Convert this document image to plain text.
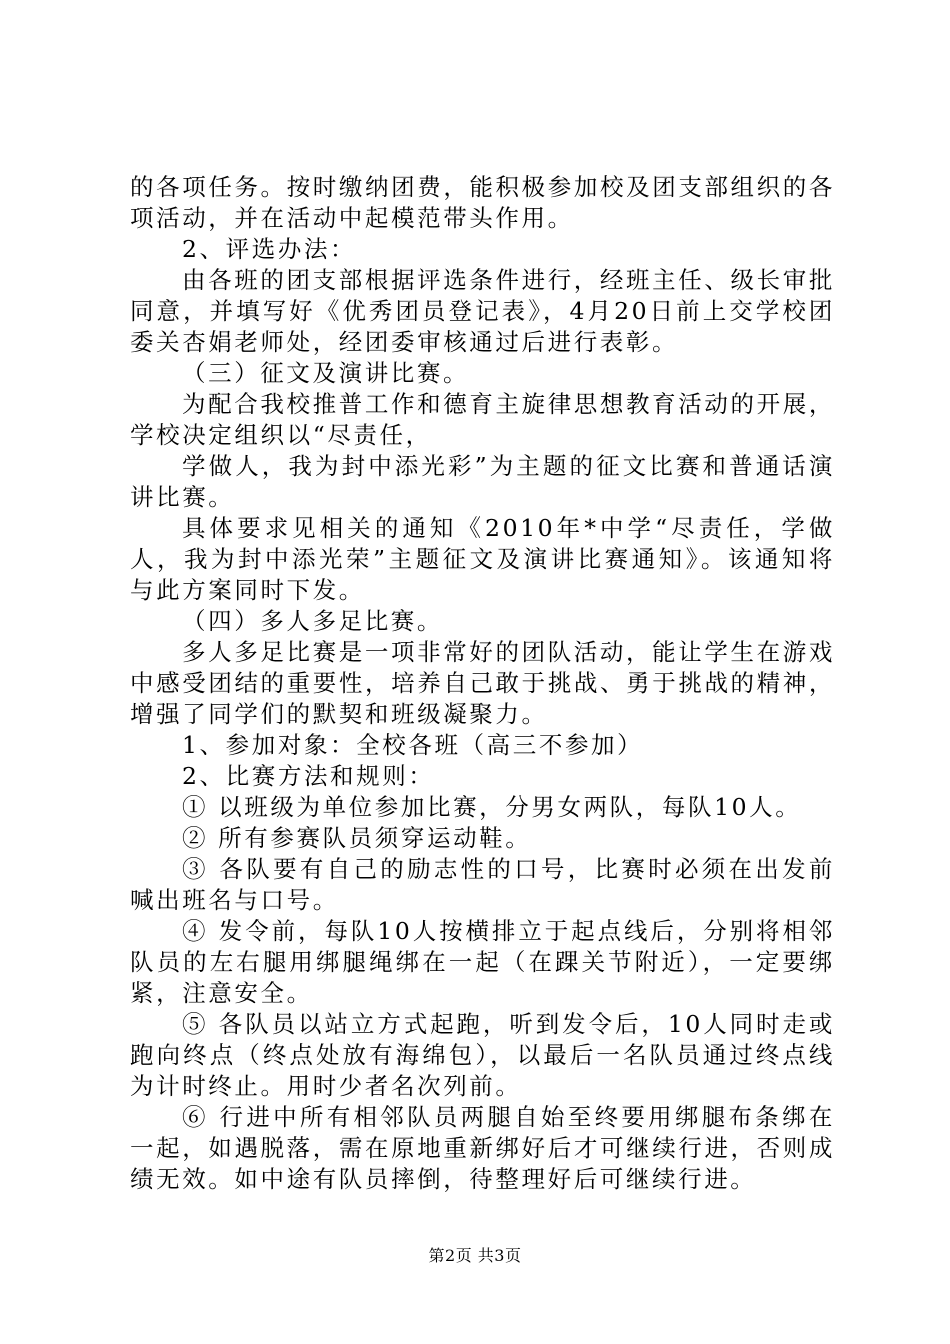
的各项任务。按时缴纳团费，能积极参加校及团支部组织的各项活动，并在活动中起模范带头作用。

2、评选办法：

由各班的团支部根据评选条件进行，经班主任、级长审批同意，并填写好《优秀团员登记表》，4月20日前上交学校团委关杏娟老师处，经团委审核通过后进行表彰。

（三）征文及演讲比赛。

为配合我校推普工作和德育主旋律思想教育活动的开展，学校决定组织以“尽责任，

学做人，我为封中添光彩”为主题的征文比赛和普通话演讲比赛。

具体要求见相关的通知《2010年*中学“尽责任，学做人，我为封中添光荣”主题征文及演讲比赛通知》。该通知将与此方案同时下发。

（四）多人多足比赛。

多人多足比赛是一项非常好的团队活动，能让学生在游戏中感受团结的重要性，培养自己敢于挑战、勇于挑战的精神，增强了同学们的默契和班级凝聚力。

1、参加对象：全校各班（高三不参加）

2、比赛方法和规则：

① 以班级为单位参加比赛，分男女两队，每队10人。

② 所有参赛队员须穿运动鞋。

③ 各队要有自己的励志性的口号，比赛时必须在出发前喊出班名与口号。

④ 发令前，每队10人按横排立于起点线后，分别将相邻队员的左右腿用绑腿绳绑在一起（在踝关节附近），一定要绑紧，注意安全。

⑤ 各队员以站立方式起跑，听到发令后，10人同时走或跑向终点（终点处放有海绵包），以最后一名队员通过终点线为计时终止。用时少者名次列前。

⑥ 行进中所有相邻队员两腿自始至终要用绑腿布条绑在一起，如遇脱落，需在原地重新绑好后才可继续行进，否则成绩无效。如中途有队员摔倒，待整理好后可继续行进。

第2页 共3页
